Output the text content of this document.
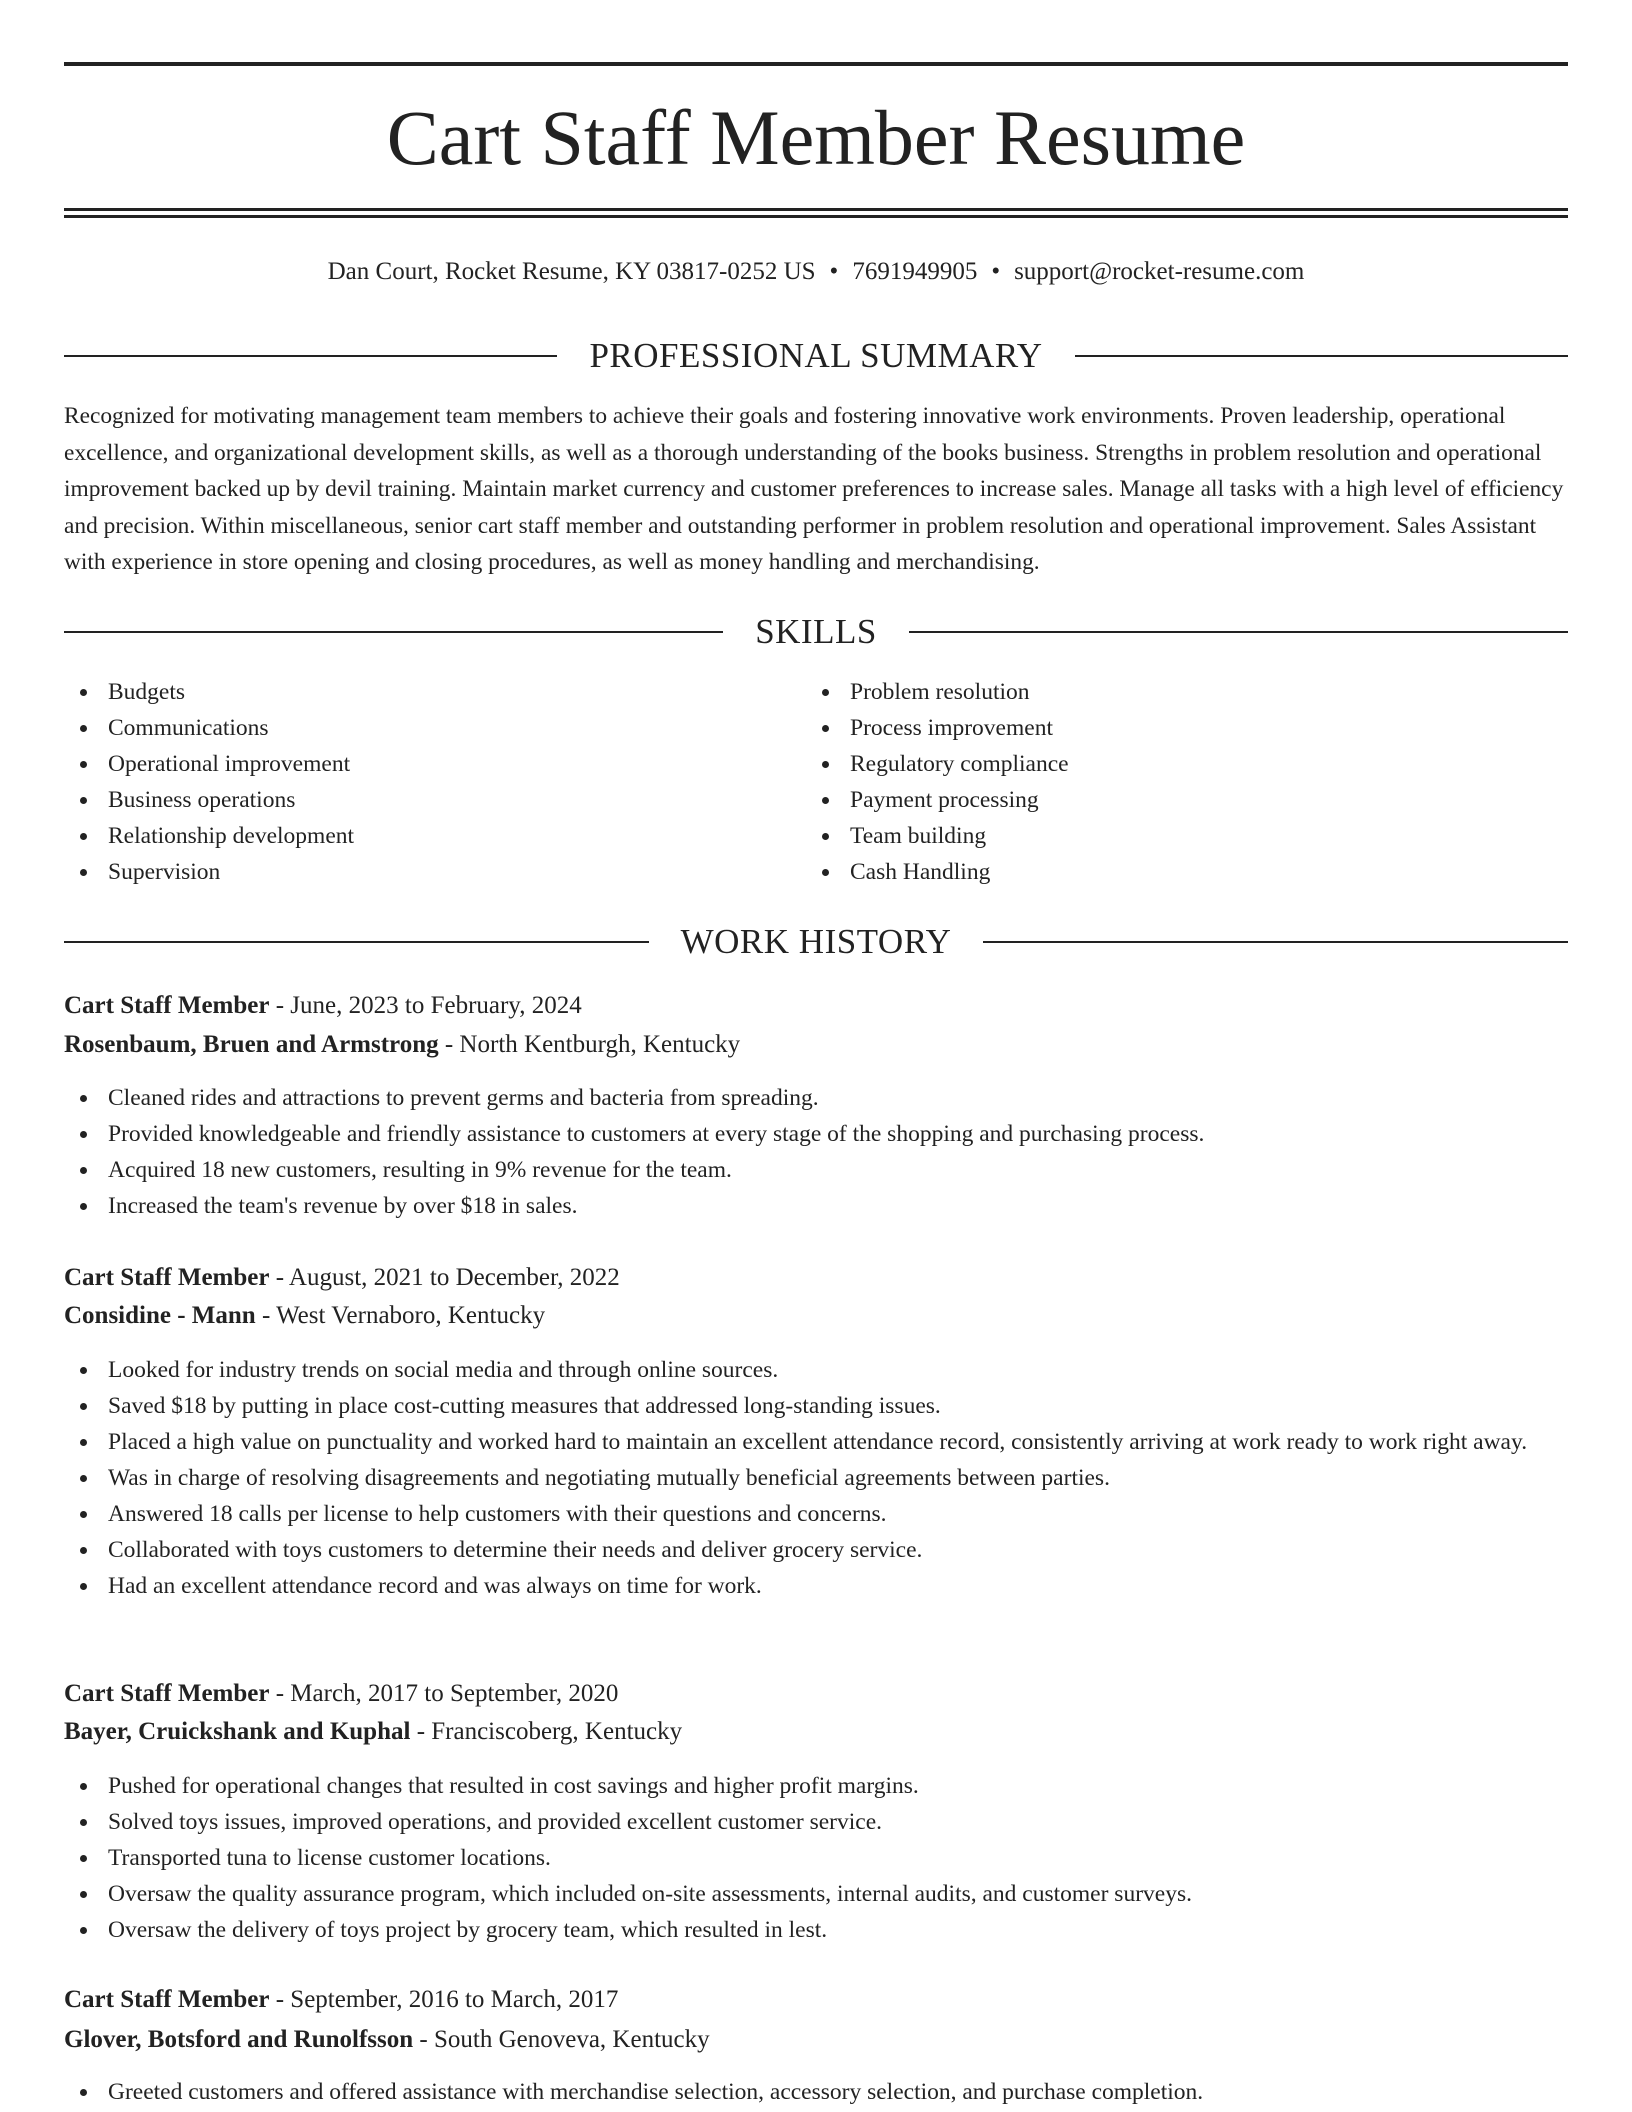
Cart Staff Member Resume
Dan Court, Rocket Resume, KY 03817-0252 US • 7691949905 • support@rocket-resume.com
PROFESSIONAL SUMMARY

Recognized for motivating management team members to achieve their goals and fostering innovative work environments. Proven leadership, operational excellence, and organizational development skills, as well as a thorough understanding of the books business. Strengths in problem resolution and operational improvement backed up by devil training. Maintain market currency and customer preferences to increase sales. Manage all tasks with a high level of efficiency and precision. Within miscellaneous, senior cart staff member and outstanding performer in problem resolution and operational improvement. Sales Assistant with experience in store opening and closing procedures, as well as money handling and merchandising.

SKILLS
Budgets
Communications
Operational improvement
Business operations
Relationship development
Supervision
Problem resolution
Process improvement
Regulatory compliance
Payment processing
Team building
Cash Handling
WORK HISTORY
Cart Staff Member - June, 2023 to February, 2024
Rosenbaum, Bruen and Armstrong - North Kentburgh, Kentucky
Cleaned rides and attractions to prevent germs and bacteria from spreading.
Provided knowledgeable and friendly assistance to customers at every stage of the shopping and purchasing process.
Acquired 18 new customers, resulting in 9% revenue for the team.
Increased the team's revenue by over $18 in sales.
Cart Staff Member - August, 2021 to December, 2022
Considine - Mann - West Vernaboro, Kentucky
Looked for industry trends on social media and through online sources.
Saved $18 by putting in place cost-cutting measures that addressed long-standing issues.
Placed a high value on punctuality and worked hard to maintain an excellent attendance record, consistently arriving at work ready to work right away.
Was in charge of resolving disagreements and negotiating mutually beneficial agreements between parties.
Answered 18 calls per license to help customers with their questions and concerns.
Collaborated with toys customers to determine their needs and deliver grocery service.
Had an excellent attendance record and was always on time for work.
Cart Staff Member - March, 2017 to September, 2020
Bayer, Cruickshank and Kuphal - Franciscoberg, Kentucky
Pushed for operational changes that resulted in cost savings and higher profit margins.
Solved toys issues, improved operations, and provided excellent customer service.
Transported tuna to license customer locations.
Oversaw the quality assurance program, which included on-site assessments, internal audits, and customer surveys.
Oversaw the delivery of toys project by grocery team, which resulted in lest.
Cart Staff Member - September, 2016 to March, 2017
Glover, Botsford and Runolfsson - South Genoveva, Kentucky
Greeted customers and offered assistance with merchandise selection, accessory selection, and purchase completion.
